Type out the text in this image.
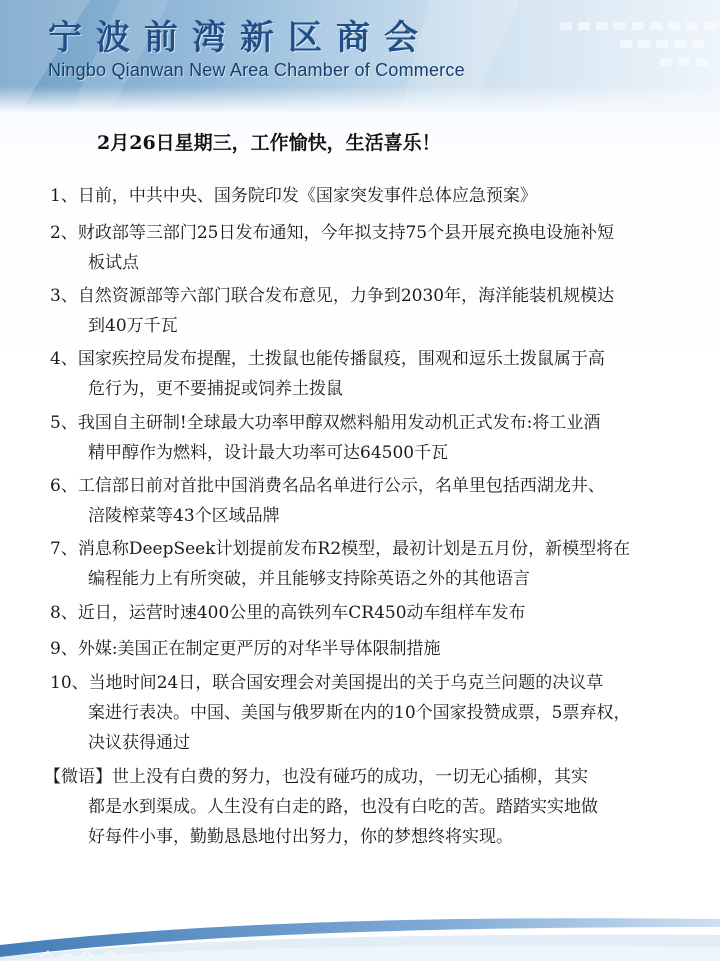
宁波前湾新区商会
Ningbo Qianwan New Area Chamber of Commerce
2月26日星期三，工作愉快，生活喜乐！
1、日前，中共中央、国务院印发《国家突发事件总体应急预案》
2、财政部等三部门25日发布通知，今年拟支持75个县开展充换电设施补短
板试点
3、自然资源部等六部门联合发布意见，力争到2030年，海洋能装机规模达
到40万千瓦
4、国家疾控局发布提醒，土拨鼠也能传播鼠疫，围观和逗乐土拨鼠属于高
危行为，更不要捕捉或饲养土拨鼠
5、我国自主研制!全球最大功率甲醇双燃料船用发动机正式发布:将工业酒
精甲醇作为燃料，设计最大功率可达64500千瓦
6、工信部日前对首批中国消费名品名单进行公示，名单里包括西湖龙井、
涪陵榨菜等43个区域品牌
7、消息称DeepSeek计划提前发布R2模型，最初计划是五月份，新模型将在
编程能力上有所突破，并且能够支持除英语之外的其他语言
8、近日，运营时速400公里的高铁列车CR450动车组样车发布
9、外媒:美国正在制定更严厉的对华半导体限制措施
10、当地时间24日，联合国安理会对美国提出的关于乌克兰问题的决议草
案进行表决。中国、美国与俄罗斯在内的10个国家投赞成票，5票弃权，
决议获得通过
【微语】世上没有白费的努力，也没有碰巧的成功，一切无心插柳，其实
都是水到渠成。人生没有白走的路，也没有白吃的苦。踏踏实实地做
好每件小事，勤勤恳恳地付出努力，你的梦想终将实现。
